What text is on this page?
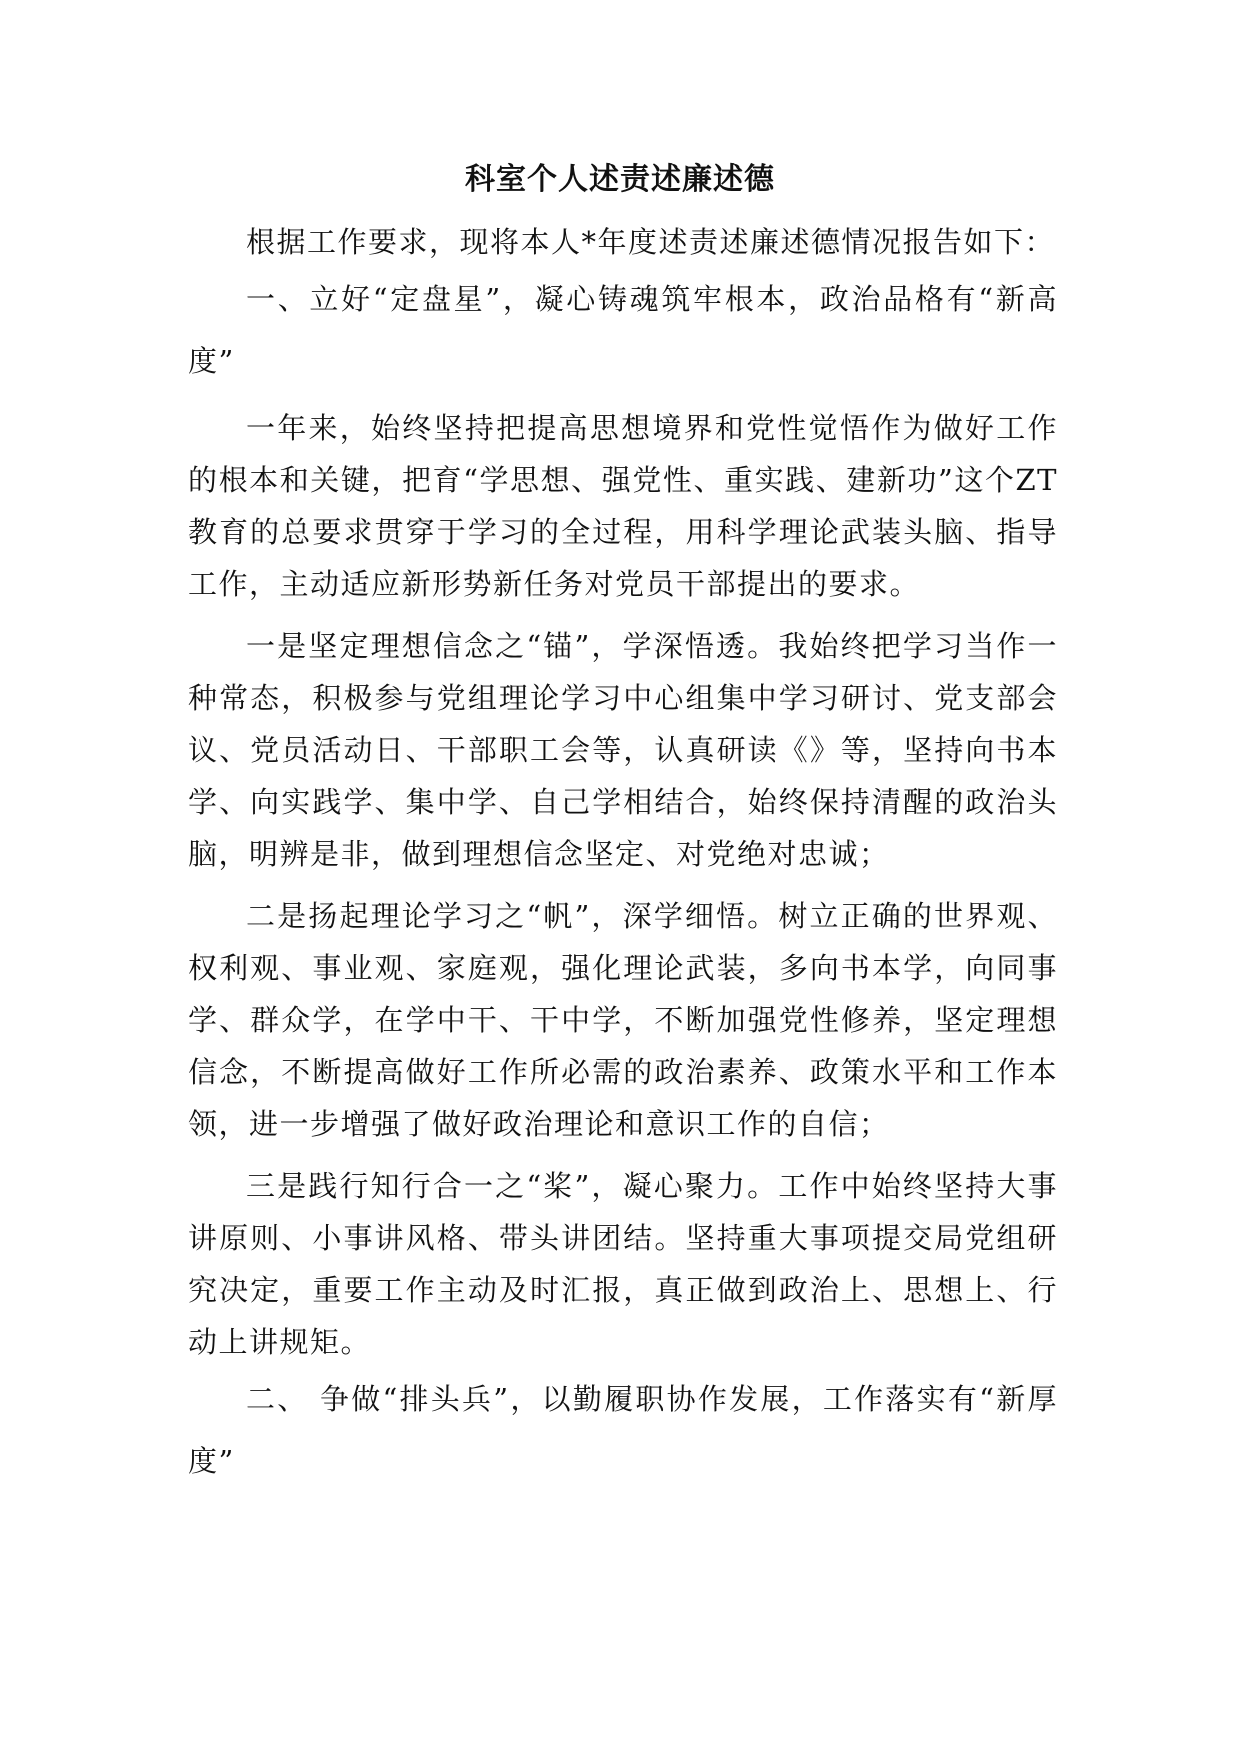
科室个人述责述廉述德

根据工作要求，现将本人*年度述责述廉述德情况报告如下：

一、立好“定盘星”，凝心铸魂筑牢根本，政治品格有“新高度”

一年来，始终坚持把提高思想境界和党性觉悟作为做好工作的根本和关键，把育“学思想、强党性、重实践、建新功”这个ZT教育的总要求贯穿于学习的全过程，用科学理论武装头脑、指导工作，主动适应新形势新任务对党员干部提出的要求。

一是坚定理想信念之“锚”，学深悟透。我始终把学习当作一种常态，积极参与党组理论学习中心组集中学习研讨、党支部会议、党员活动日、干部职工会等，认真研读《》等，坚持向书本学、向实践学、集中学、自己学相结合，始终保持清醒的政治头脑，明辨是非，做到理想信念坚定、对党绝对忠诚；

二是扬起理论学习之“帆”，深学细悟。树立正确的世界观、权利观、事业观、家庭观，强化理论武装，多向书本学，向同事学、群众学，在学中干、干中学，不断加强党性修养，坚定理想信念，不断提高做好工作所必需的政治素养、政策水平和工作本领，进一步增强了做好政治理论和意识工作的自信；

三是践行知行合一之“桨”，凝心聚力。工作中始终坚持大事讲原则、小事讲风格、带头讲团结。坚持重大事项提交局党组研究决定，重要工作主动及时汇报，真正做到政治上、思想上、行动上讲规矩。

二、 争做“排头兵”，以勤履职协作发展，工作落实有“新厚度”
